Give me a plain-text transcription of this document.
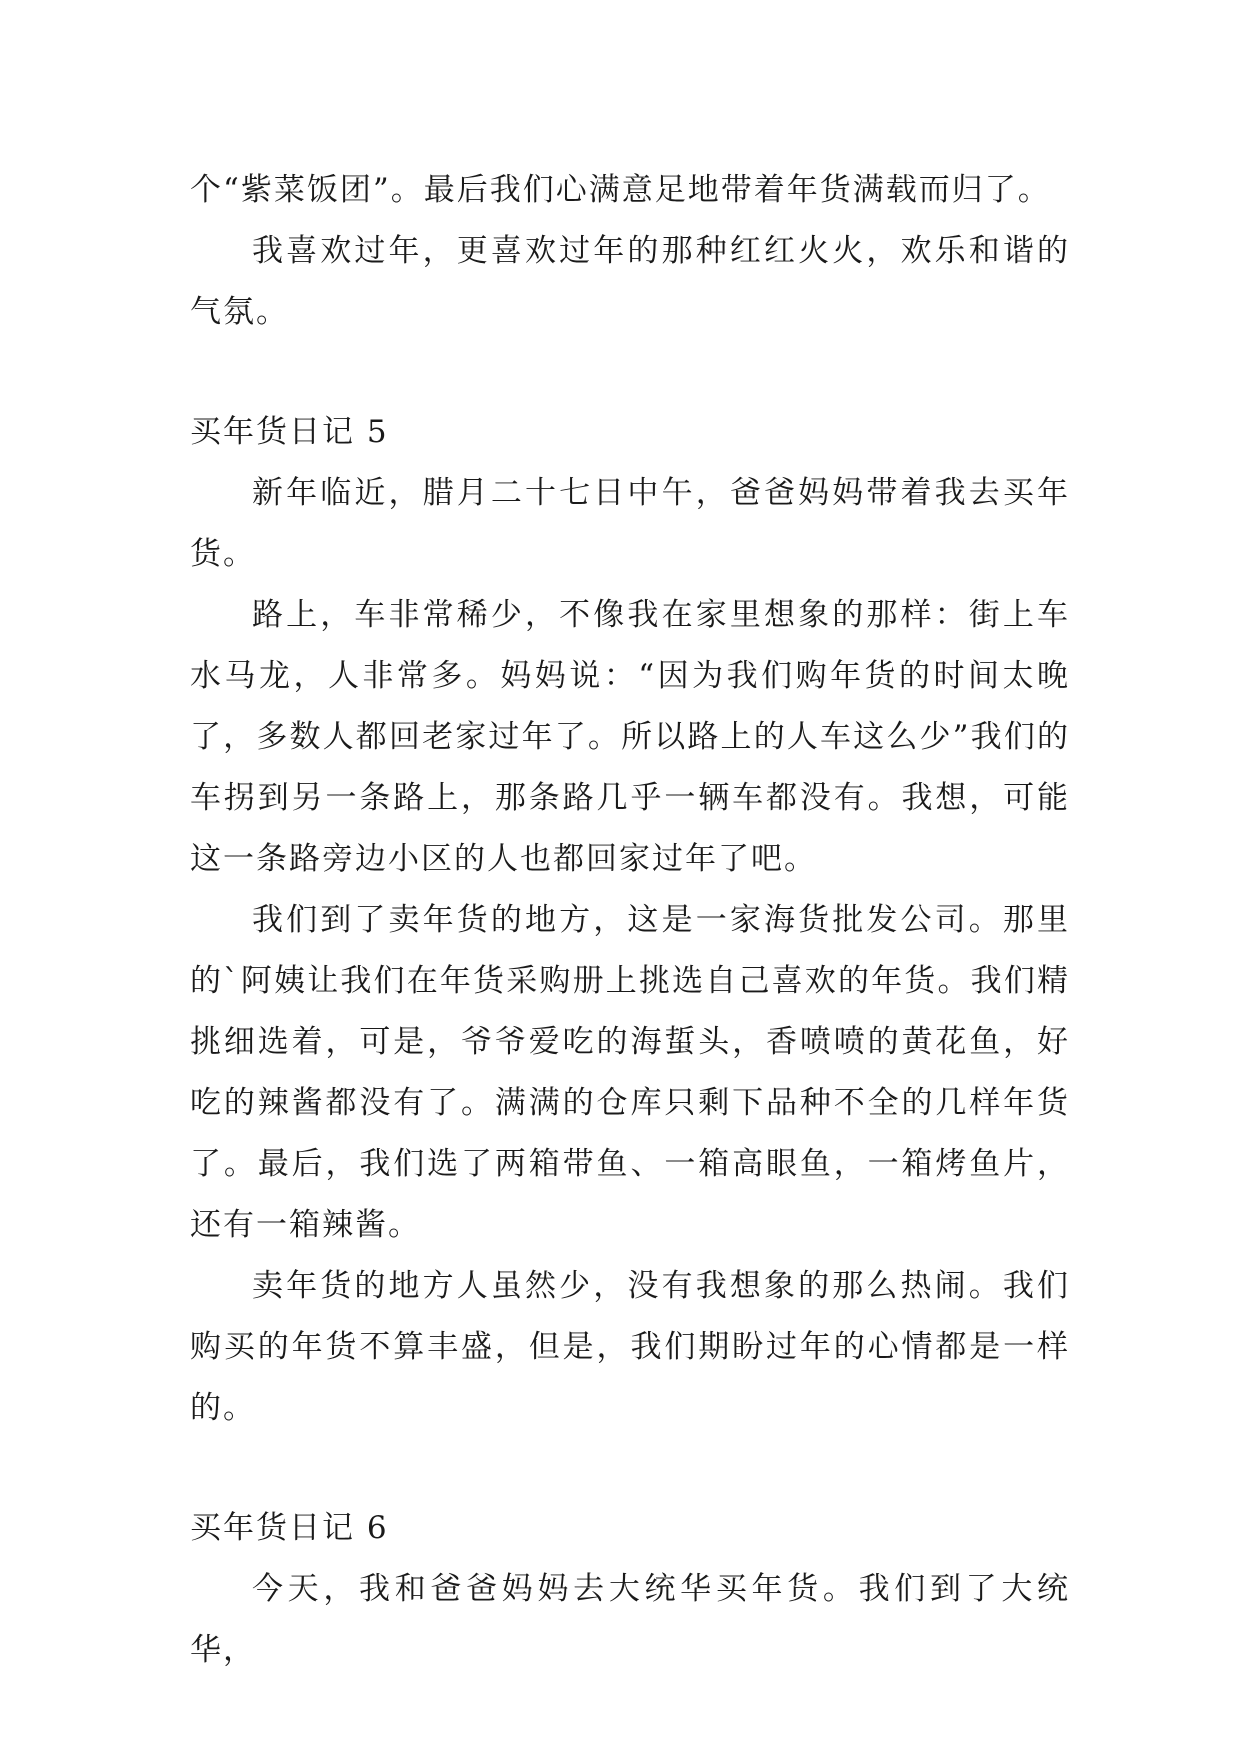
个“紫菜饭团”。最后我们心满意足地带着年货满载而归了。

我喜欢过年，更喜欢过年的那种红红火火，欢乐和谐的气氛。

买年货日记 5

新年临近，腊月二十七日中午，爸爸妈妈带着我去买年货。

路上，车非常稀少，不像我在家里想象的那样：街上车水马龙，人非常多。妈妈说：“因为我们购年货的时间太晚了，多数人都回老家过年了。所以路上的人车这么少”我们的车拐到另一条路上，那条路几乎一辆车都没有。我想，可能这一条路旁边小区的人也都回家过年了吧。

我们到了卖年货的地方，这是一家海货批发公司。那里的`阿姨让我们在年货采购册上挑选自己喜欢的年货。我们精挑细选着，可是，爷爷爱吃的海蜇头，香喷喷的黄花鱼，好吃的辣酱都没有了。满满的仓库只剩下品种不全的几样年货了。最后，我们选了两箱带鱼、一箱高眼鱼，一箱烤鱼片，还有一箱辣酱。

卖年货的地方人虽然少，没有我想象的那么热闹。我们购买的年货不算丰盛，但是，我们期盼过年的心情都是一样的。

买年货日记 6

今天，我和爸爸妈妈去大统华买年货。我们到了大统华，
